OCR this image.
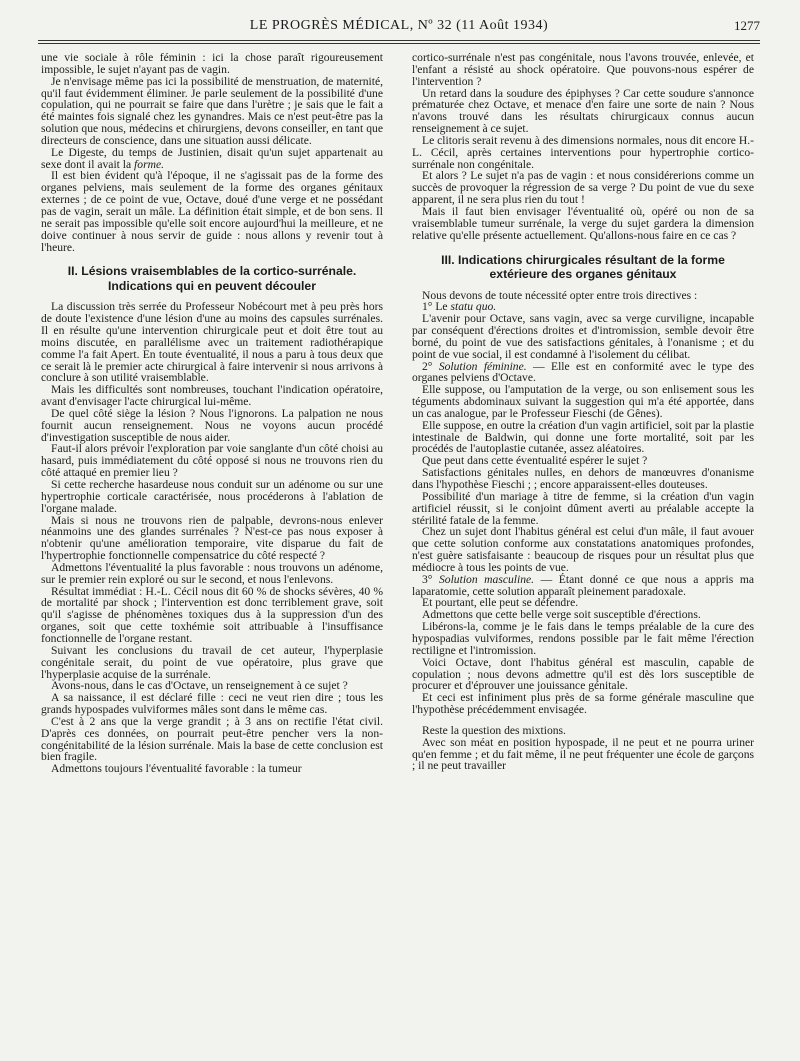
LE PROGRÈS MÉDICAL, Nº 32 (11 Août 1934)	1277

une vie sociale à rôle féminin : ici la chose paraît rigoureusement impossible, le sujet n'ayant pas de vagin.

Je n'envisage même pas ici la possibilité de menstruation, de maternité, qu'il faut évidemment éliminer. Je parle seulement de la possibilité d'une copulation, qui ne pourrait se faire que dans l'urètre ; je sais que le fait a été maintes fois signalé chez les gynandres. Mais ce n'est peut-être pas la solution que nous, médecins et chirurgiens, devons conseiller, en tant que directeurs de conscience, dans une situation aussi délicate.

Le Digeste, du temps de Justinien, disait qu'un sujet appartenait au sexe dont il avait la forme.

Il est bien évident qu'à l'époque, il ne s'agissait pas de la forme des organes pelviens, mais seulement de la forme des organes génitaux externes ; de ce point de vue, Octave, doué d'une verge et ne possédant pas de vagin, serait un mâle. La définition était simple, et de bon sens. Il ne serait pas impossible qu'elle soit encore aujourd'hui la meilleure, et ne doive continuer à nous servir de guide : nous allons y revenir tout à l'heure.

II. Lésions vraisemblables de la cortico-surrénale. Indications qui en peuvent découler

La discussion très serrée du Professeur Nobécourt met à peu près hors de doute l'existence d'une lésion d'une au moins des capsules surrénales. Il en résulte qu'une intervention chirurgicale peut et doit être tout au moins discutée, en parallélisme avec un traitement radiothérapique comme l'a fait Apert. En toute éventualité, il nous a paru à tous deux que ce serait là le premier acte chirurgical à faire intervenir si nous arrivons à conclure à son utilité vraisemblable.

Mais les difficultés sont nombreuses, touchant l'indication opératoire, avant d'envisager l'acte chirurgical lui-même.

De quel côté siège la lésion ? Nous l'ignorons. La palpation ne nous fournit aucun renseignement. Nous ne voyons aucun procédé d'investigation susceptible de nous aider.

Faut-il alors prévoir l'exploration par voie sanglante d'un côté choisi au hasard, puis immédiatement du côté opposé si nous ne trouvons rien du côté attaqué en premier lieu ?

Si cette recherche hasardeuse nous conduit sur un adénome ou sur une hypertrophie corticale caractérisée, nous procéderons à l'ablation de l'organe malade.

Mais si nous ne trouvons rien de palpable, devrons-nous enlever néanmoins une des glandes surrénales ? N'est-ce pas nous exposer à n'obtenir qu'une amélioration temporaire, vite disparue du fait de l'hypertrophie fonctionnelle compensatrice du côté respecté ?

Admettons l'éventualité la plus favorable : nous trouvons un adénome, sur le premier rein exploré ou sur le second, et nous l'enlevons.

Résultat immédiat : H.-L. Cécil nous dit 60 % de shocks sévères, 40 % de mortalité par shock ; l'intervention est donc terriblement grave, soit qu'il s'agisse de phénomènes toxiques dus à la suppression d'un des organes, soit que cette toxhémie soit attribuable à l'insuffisance fonctionnelle de l'organe restant.

Suivant les conclusions du travail de cet auteur, l'hyperplasie congénitale serait, du point de vue opératoire, plus grave que l'hyperplasie acquise de la surrénale.

Avons-nous, dans le cas d'Octave, un renseignement à ce sujet ?

A sa naissance, il est déclaré fille : ceci ne veut rien dire ; tous les grands hypospades vulviformes mâles sont dans le même cas.

C'est à 2 ans que la verge grandit ; à 3 ans on rectifie l'état civil. D'après ces données, on pourrait peut-être pencher vers la non-congénitabilité de la lésion surrénale. Mais la base de cette conclusion est bien fragile.

Admettons toujours l'éventualité favorable : la tumeur

cortico-surrénale n'est pas congénitale, nous l'avons trouvée, enlevée, et l'enfant a résisté au shock opératoire. Que pouvons-nous espérer de l'intervention ?

Un retard dans la soudure des épiphyses ? Car cette soudure s'annonce prématurée chez Octave, et menace d'en faire une sorte de nain ? Nous n'avons trouvé dans les résultats chirurgicaux connus aucun renseignement à ce sujet.

Le clitoris serait revenu à des dimensions normales, nous dit encore H.-L. Cécil, après certaines interventions pour hypertrophie cortico-surrénale non congénitale.

Et alors ? Le sujet n'a pas de vagin : et nous considérerions comme un succès de provoquer la régression de sa verge ? Du point de vue du sexe apparent, il ne sera plus rien du tout !

Mais il faut bien envisager l'éventualité où, opéré ou non de sa vraisemblable tumeur surrénale, la verge du sujet gardera la dimension relative qu'elle présente actuellement. Qu'allons-nous faire en ce cas ?

III. Indications chirurgicales résultant de la forme extérieure des organes génitaux

Nous devons de toute nécessité opter entre trois directives :

1° Le statu quo.

L'avenir pour Octave, sans vagin, avec sa verge curviligne, incapable par conséquent d'érections droites et d'intromission, semble devoir être borné, du point de vue des satisfactions génitales, à l'onanisme ; et du point de vue social, il est condamné à l'isolement du célibat.

2° Solution féminine. — Elle est en conformité avec le type des organes pelviens d'Octave.

Elle suppose, ou l'amputation de la verge, ou son enlisement sous les téguments abdominaux suivant la suggestion qui m'a été apportée, dans un cas analogue, par le Professeur Fieschi (de Gênes).

Elle suppose, en outre la création d'un vagin artificiel, soit par la plastie intestinale de Baldwin, qui donne une forte mortalité, soit par les procédés de l'autoplastie cutanée, assez aléatoires.

Que peut dans cette éventualité espérer le sujet ?

Satisfactions génitales nulles, en dehors de manœuvres d'onanisme dans l'hypothèse Fieschi ; ; encore apparaissent-elles douteuses.

Possibilité d'un mariage à titre de femme, si la création d'un vagin artificiel réussit, si le conjoint dûment averti au préalable accepte la stérilité fatale de la femme.

Chez un sujet dont l'habitus général est celui d'un mâle, il faut avouer que cette solution conforme aux constatations anatomiques profondes, n'est guère satisfaisante : beaucoup de risques pour un résultat plus que médiocre à tous les points de vue.

3° Solution masculine. — Étant donné ce que nous a appris ma laparatomie, cette solution apparaît pleinement paradoxale.

Et pourtant, elle peut se défendre.

Admettons que cette belle verge soit susceptible d'érections.

Libérons-la, comme je le fais dans le temps préalable de la cure des hypospadias vulviformes, rendons possible par le fait même l'érection rectiligne et l'intromission.

Voici Octave, dont l'habitus général est masculin, capable de copulation ; nous devons admettre qu'il est dès lors susceptible de procurer et d'éprouver une jouissance génitale.

Et ceci est infiniment plus près de sa forme générale masculine que l'hypothèse précédemment envisagée.

Reste la question des mixtions.

Avec son méat en position hypospade, il ne peut et ne pourra uriner qu'en femme ; et du fait même, il ne peut fréquenter une école de garçons ; il ne peut travailler
